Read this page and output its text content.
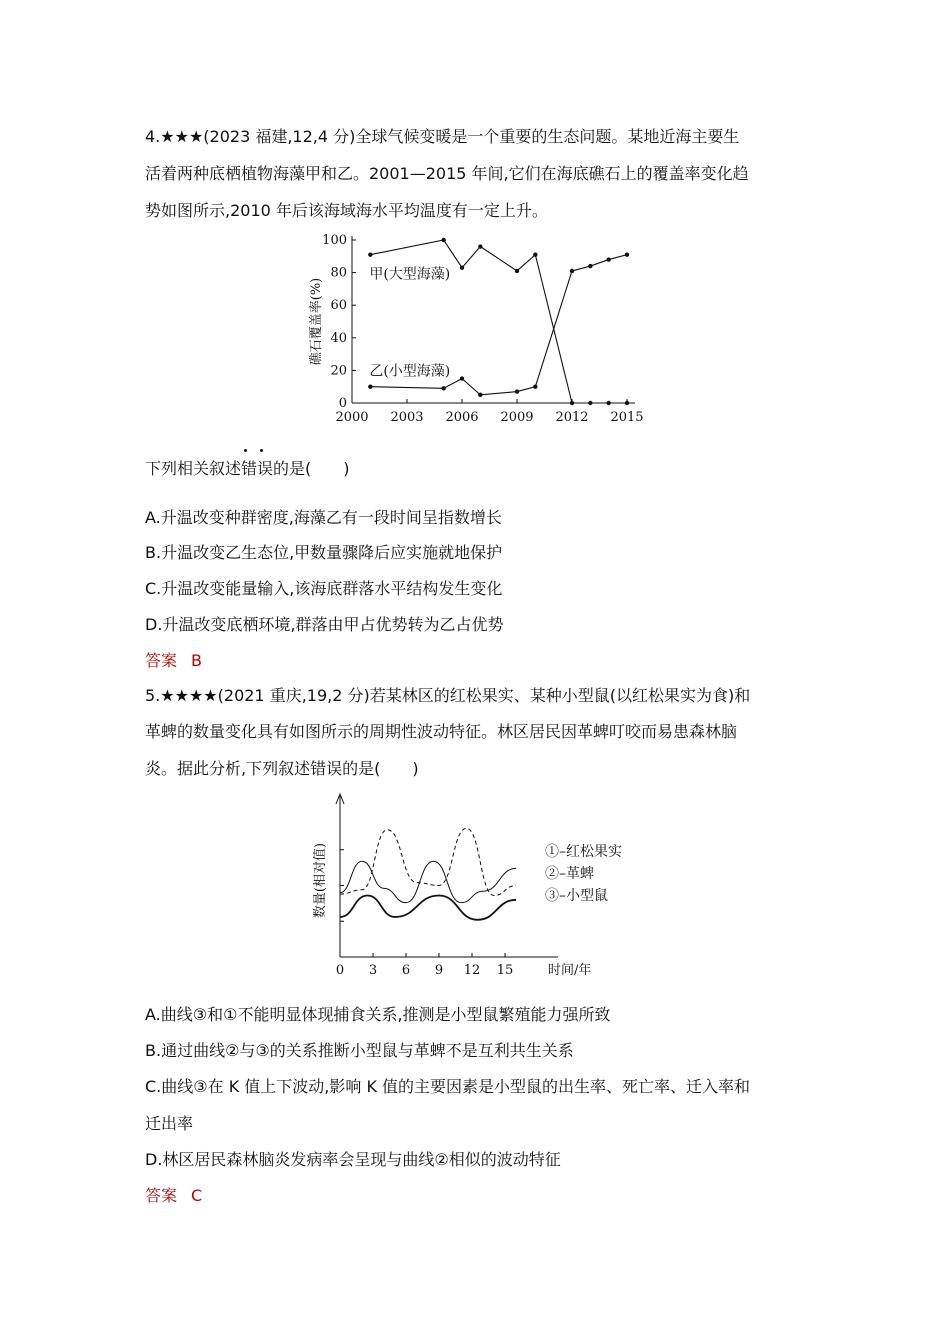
4.★★★(2023 福建,12,4 分)全球气候变暖是一个重要的生态问题。某地近海主要生
活着两种底栖植物海藻甲和乙。2001—2015 年间,它们在海底礁石上的覆盖率变化趋
势如图所示,2010 年后该海域海水平均温度有一定上升。
0
20
40
60
80
100
2000 2003 2006 2009 2012 2015
礁石覆盖率(%)
甲(大型海藻)
乙(小型海藻)
下列相关叙述
错误的是(　　)
A.升温改变种群密度,海藻乙有一段时间呈指数增长
B.升温改变乙生态位,甲数量骤降后应实施就地保护
C.升温改变能量输入,该海底群落水平结构发生变化
D.升温改变底栖环境,群落由甲占优势转为乙占优势
答案 B
5.★★★★(2021 重庆,19,2 分)若某林区的红松果实、某种小型鼠(以红松果实为食)和
革蜱的数量变化具有如图所示的周期性波动特征。林区居民因革蜱叮咬而易患森林脑
炎。据此分析,下列叙述错误的是(　　)
0 3 6 9 12 15	时间/年
数量(相对值)	①–红松果实
②–革蜱
③–小型鼠
A.曲线③和①不能明显体现捕食关系,推测是小型鼠繁殖能力强所致
B.通过曲线②与③的关系推断小型鼠与革蜱不是互利共生关系
C.曲线③在 K 值上下波动,影响 K 值的主要因素是小型鼠的出生率、死亡率、迁入率和
迁出率
D.林区居民森林脑炎发病率会呈现与曲线②相似的波动特征
答案 C
